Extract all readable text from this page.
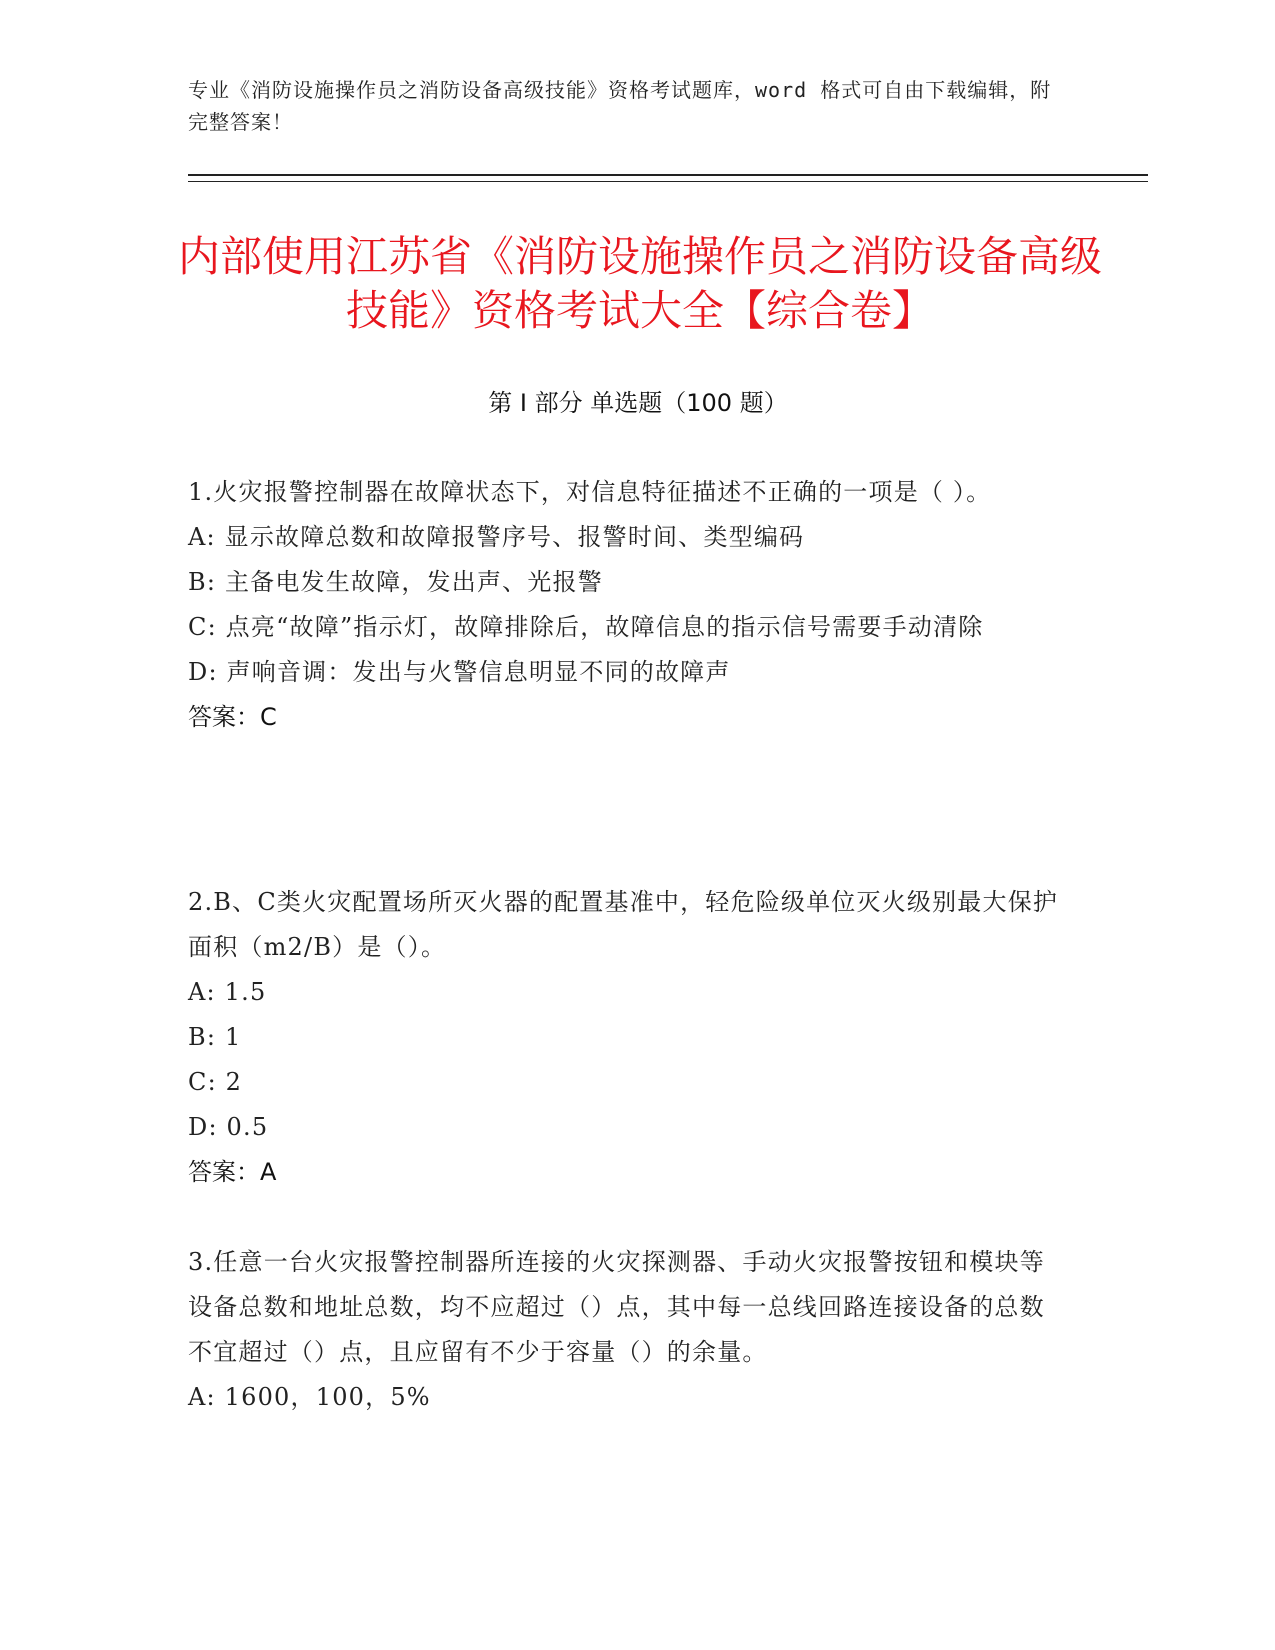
专业《消防设施操作员之消防设备高级技能》资格考试题库，word 格式可自由下载编辑，附完整答案！
内部使用江苏省《消防设施操作员之消防设备高级技能》资格考试大全【综合卷】
第 I 部分 单选题（100 题）
1.火灾报警控制器在故障状态下，对信息特征描述不正确的一项是（ ）。
A: 显示故障总数和故障报警序号、报警时间、类型编码
B: 主备电发生故障，发出声、光报警
C: 点亮“故障”指示灯，故障排除后，故障信息的指示信号需要手动清除
D: 声响音调：发出与火警信息明显不同的故障声
答案：C
2.B、C类火灾配置场所灭火器的配置基准中，轻危险级单位灭火级别最大保护面积（m2/B）是（）。
A: 1.5
B: 1
C: 2
D: 0.5
答案：A
3.任意一台火灾报警控制器所连接的火灾探测器、手动火灾报警按钮和模块等设备总数和地址总数，均不应超过（）点，其中每一总线回路连接设备的总数不宜超过（）点，且应留有不少于容量（）的余量。
A: 1600，100，5%
